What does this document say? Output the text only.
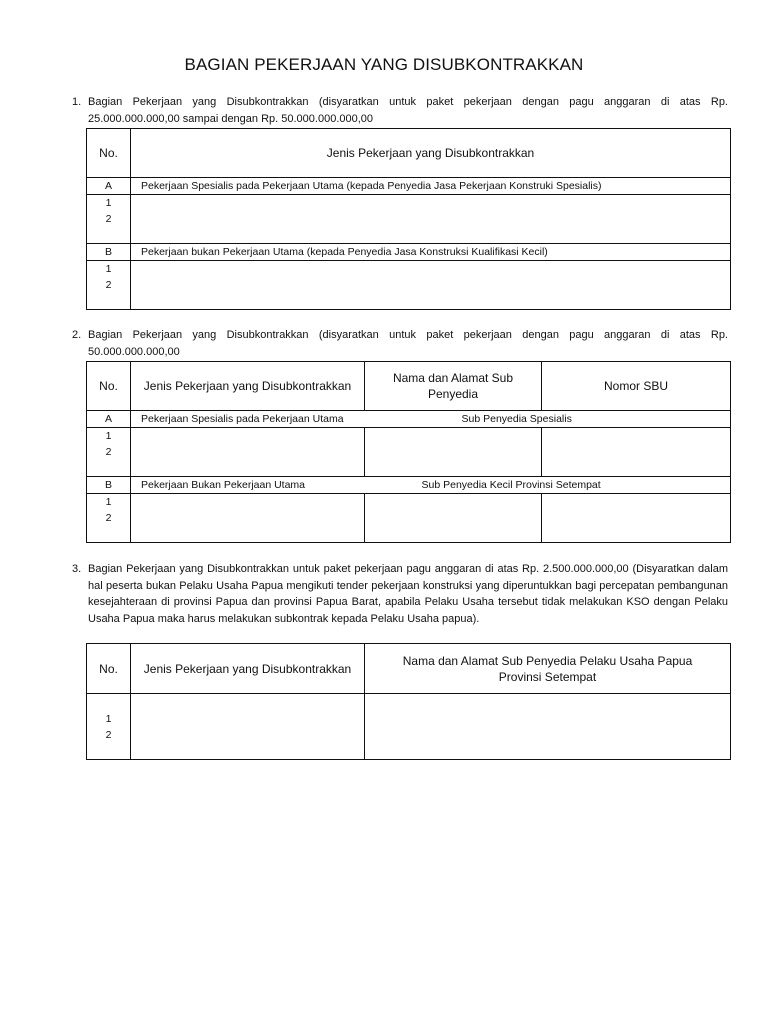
BAGIAN PEKERJAAN YANG DISUBKONTRAKKAN
1. Bagian Pekerjaan yang Disubkontrakkan (disyaratkan untuk paket pekerjaan dengan pagu anggaran di atas Rp. 25.000.000.000,00 sampai dengan Rp. 50.000.000.000,00
No.	Jenis Pekerjaan yang Disubkontrakkan
A	Pekerjaan Spesialis pada Pekerjaan Utama (kepada Penyedia Jasa Pekerjaan Konstruki Spesialis)

1
2	

B	Pekerjaan bukan Pekerjaan Utama (kepada Penyedia Jasa Konstruksi Kualifikasi Kecil)

1
2	

2. Bagian Pekerjaan yang Disubkontrakkan (disyaratkan untuk paket pekerjaan dengan pagu anggaran di atas Rp. 50.000.000.000,00
No.	Jenis Pekerjaan yang Disubkontrakkan	Nama dan Alamat Sub Penyedia	Nomor SBU
A	Pekerjaan Spesialis pada Pekerjaan Utama	Sub Penyedia Spesialis	

1
2			

B	Pekerjaan Bukan Pekerjaan Utama	Sub Penyedia Kecil Provinsi Setempat	

1
2			

3. Bagian Pekerjaan yang Disubkontrakkan untuk paket pekerjaan pagu anggaran di atas Rp. 2.500.000.000,00 (Disyaratkan dalam hal peserta bukan Pelaku Usaha Papua mengikuti tender pekerjaan konstruksi yang diperuntukkan bagi percepatan pembangunan kesejahteraan di provinsi Papua dan provinsi Papua Barat, apabila Pelaku Usaha tersebut tidak melakukan KSO dengan Pelaku Usaha Papua maka harus melakukan subkontrak kepada Pelaku Usaha papua).
No.	Jenis Pekerjaan yang Disubkontrakkan	Nama dan Alamat Sub Penyedia Pelaku Usaha Papua Provinsi Setempat

1
2		
